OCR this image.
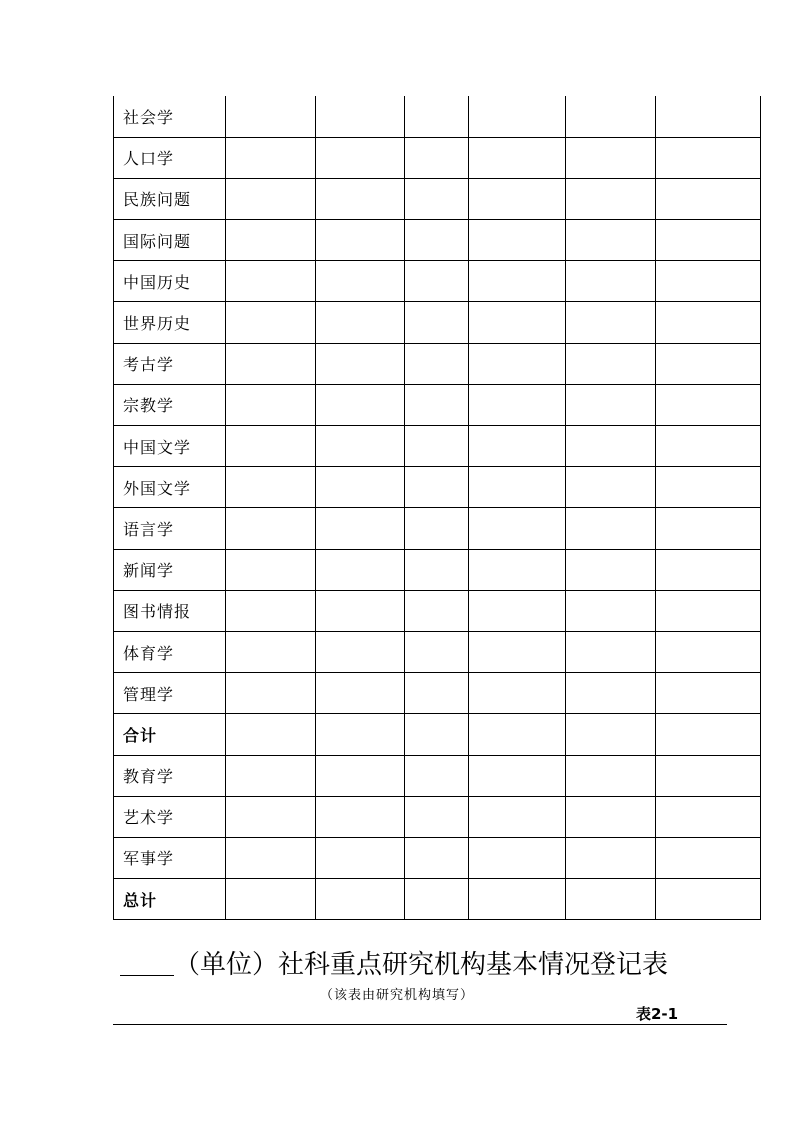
社会学						
人口学						
民族问题						
国际问题						
中国历史						
世界历史						
考古学						
宗教学						
中国文学						
外国文学						
语言学						
新闻学						
图书情报						
体育学						
管理学						
合计						
教育学						
艺术学						
军事学						
总计						
（单位）社科重点研究机构基本情况登记表
（该表由研究机构填写）
表2-1
